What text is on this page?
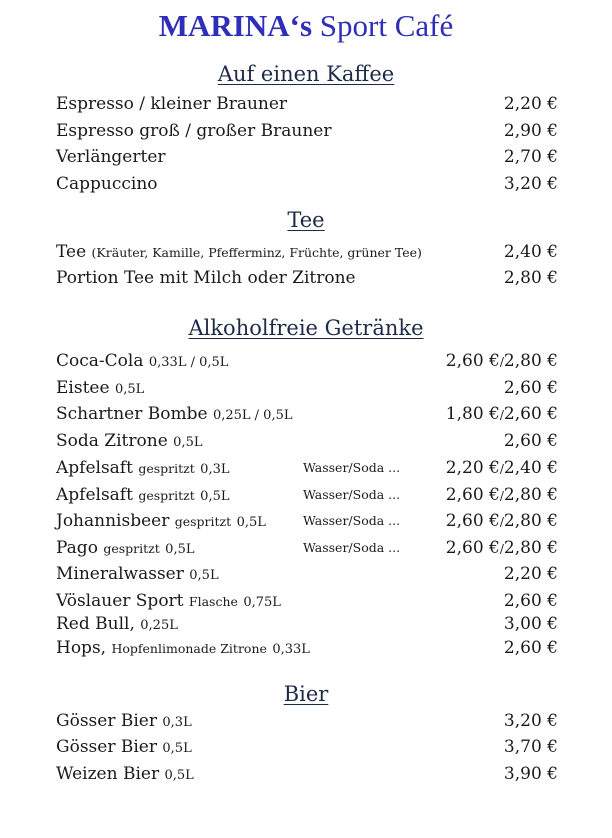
MARINA‘s Sport Café
Auf einen Kaffee
Espresso / kleiner Brauner	2,20 €
Espresso groß / großer Brauner	2,90 €
Verlängerter	2,70 €
Cappuccino	3,20 €
Tee
Tee (Kräuter, Kamille, Pfefferminz, Früchte, grüner Tee)	2,40 €
Portion Tee mit Milch oder Zitrone	2,80 €
Alkoholfreie Getränke
Coca-Cola 0,33L / 0,5L	2,60 €/2,80 €
Eistee 0,5L	2,60 €
Schartner Bombe 0,25L / 0,5L	1,80 €/2,60 €
Soda Zitrone 0,5L	2,60 €
Apfelsaft gespritzt 0,3L	Wasser/Soda ...	2,20 €/2,40 €
Apfelsaft gespritzt 0,5L	Wasser/Soda ...	2,60 €/2,80 €
Johannisbeer gespritzt 0,5L	Wasser/Soda ...	2,60 €/2,80 €
Pago gespritzt 0,5L	Wasser/Soda ...	2,60 €/2,80 €
Mineralwasser 0,5L	2,20 €
Vöslauer Sport Flasche 0,75L	2,60 €
Red Bull, 0,25L	3,00 €
Hops, Hopfenlimonade Zitrone 0,33L	2,60 €
Bier
Gösser Bier 0,3L	3,20 €
Gösser Bier 0,5L	3,70 €
Weizen Bier 0,5L	3,90 €
